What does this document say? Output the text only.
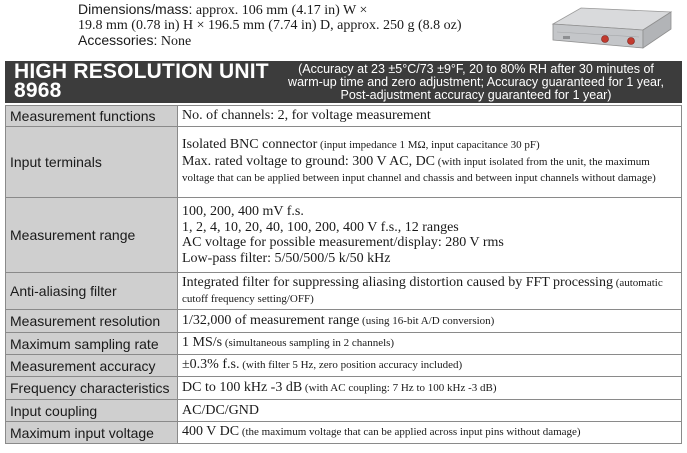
Dimensions/mass: approx. 106 mm (4.17 in) W ×
19.8 mm (0.78 in) H × 196.5 mm (7.74 in) D, approx. 250 g (8.8 oz)
Accessories: None
HIGH RESOLUTION UNIT
8968
(Accuracy at 23 ±5°C/73 ±9°F, 20 to 80% RH after 30 minutes of
warm-up time and zero adjustment; Accuracy guaranteed for 1 year,
Post-adjustment accuracy guaranteed for 1 year)
Measurement functions	No. of channels: 2, for voltage measurement
Input terminals	Isolated BNC connector (input impedance 1 MΩ, input capacitance 30 pF)
Max. rated voltage to ground: 300 V AC, DC (with input isolated from the unit, the maximum voltage that can be applied between input channel and chassis and between input channels without damage)

Measurement range	100, 200, 400 mV f.s.
1, 2, 4, 10, 20, 40, 100, 200, 400 V f.s., 12 ranges
AC voltage for possible measurement/display: 280 V rms
Low-pass filter: 5/50/500/5 k/50 kHz

Anti-aliasing filter	Integrated filter for suppressing aliasing distortion caused by FFT processing (automatic cutoff frequency setting/OFF)
Measurement resolution	1/32,000 of measurement range (using 16-bit A/D conversion)
Maximum sampling rate	1 MS/s (simultaneous sampling in 2 channels)
Measurement accuracy	±0.3% f.s. (with filter 5 Hz, zero position accuracy included)
Frequency characteristics	DC to 100 kHz -3 dB (with AC coupling: 7 Hz to 100 kHz -3 dB)
Input coupling	AC/DC/GND
Maximum input voltage	400 V DC (the maximum voltage that can be applied across input pins without damage)
